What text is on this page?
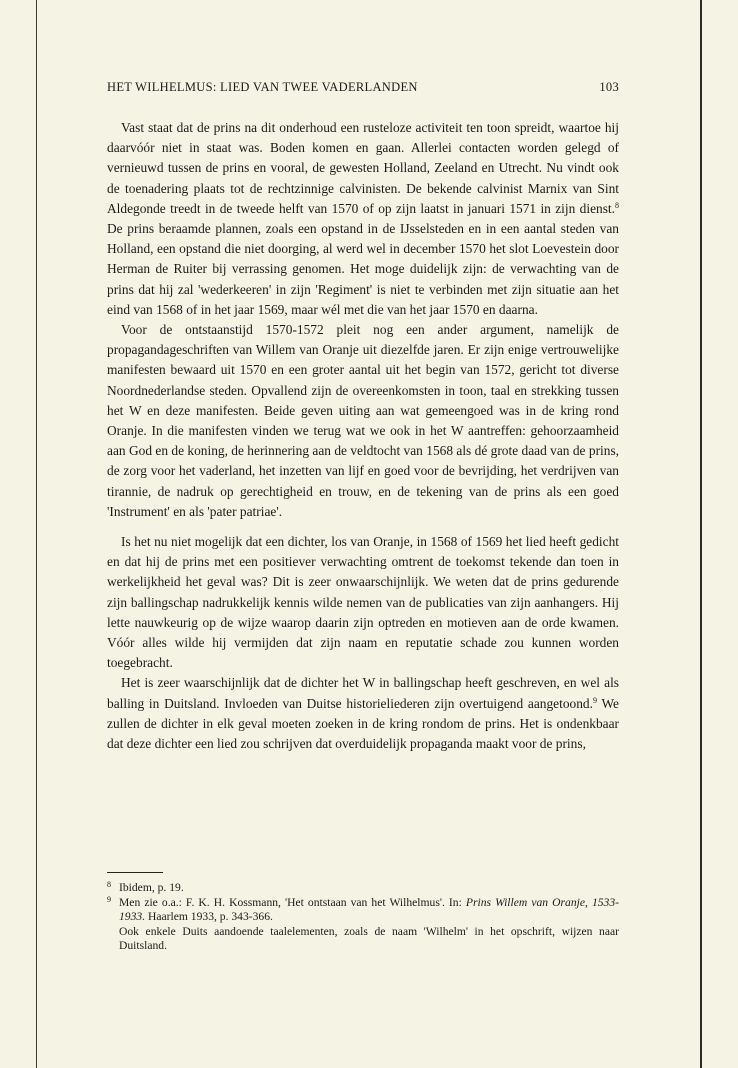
HET WILHELMUS: LIED VAN TWEE VADERLANDEN	103

Vast staat dat de prins na dit onderhoud een rusteloze activiteit ten toon spreidt, waartoe hij daarvóór niet in staat was. Boden komen en gaan. Allerlei contacten worden gelegd of vernieuwd tussen de prins en vooral, de gewesten Holland, Zeeland en Utrecht. Nu vindt ook de toenadering plaats tot de rechtzinnige calvinisten. De bekende calvinist Marnix van Sint Aldegonde treedt in de tweede helft van 1570 of op zijn laatst in januari 1571 in zijn dienst.$^8$ De prins beraamde plannen, zoals een opstand in de IJsselsteden en in een aantal steden van Holland, een opstand die niet doorging, al werd wel in december 1570 het slot Loevestein door Herman de Ruiter bij verrassing genomen. Het moge duidelijk zijn: de verwachting van de prins dat hij zal 'wederkeeren' in zijn 'Regiment' is niet te verbinden met zijn situatie aan het eind van 1568 of in het jaar 1569, maar wél met die van het jaar 1570 en daarna.

Voor de ontstaanstijd 1570-1572 pleit nog een ander argument, namelijk de propagandageschriften van Willem van Oranje uit diezelfde jaren. Er zijn enige vertrouwelijke manifesten bewaard uit 1570 en een groter aantal uit het begin van 1572, gericht tot diverse Noordnederlandse steden. Opvallend zijn de overeenkomsten in toon, taal en strekking tussen het W en deze manifesten. Beide geven uiting aan wat gemeengoed was in de kring rond Oranje. In die manifesten vinden we terug wat we ook in het W aantreffen: gehoorzaamheid aan God en de koning, de herinnering aan de veldtocht van 1568 als dé grote daad van de prins, de zorg voor het vaderland, het inzetten van lijf en goed voor de bevrijding, het verdrijven van tirannie, de nadruk op gerechtigheid en trouw, en de tekening van de prins als een goed 'Instrument' en als 'pater patriae'.

Is het nu niet mogelijk dat een dichter, los van Oranje, in 1568 of 1569 het lied heeft gedicht en dat hij de prins met een positiever verwachting omtrent de toekomst tekende dan toen in werkelijkheid het geval was? Dit is zeer onwaarschijnlijk. We weten dat de prins gedurende zijn ballingschap nadrukkelijk kennis wilde nemen van de publicaties van zijn aanhangers. Hij lette nauwkeurig op de wijze waarop daarin zijn optreden en motieven aan de orde kwamen. Vóór alles wilde hij vermijden dat zijn naam en reputatie schade zou kunnen worden toegebracht.

Het is zeer waarschijnlijk dat de dichter het W in ballingschap heeft geschreven, en wel als balling in Duitsland. Invloeden van Duitse historieliederen zijn overtuigend aangetoond.$^9$ We zullen de dichter in elk geval moeten zoeken in de kring rondom de prins. Het is ondenkbaar dat deze dichter een lied zou schrijven dat overduidelijk propaganda maakt voor de prins,

8 Ibidem, p. 19.
9 Men zie o.a.: F. K. H. Kossmann, 'Het ontstaan van het Wilhelmus'. In: Prins Willem van Oranje, 1533-1933. Haarlem 1933, p. 343-366.
Ook enkele Duits aandoende taalelementen, zoals de naam 'Wilhelm' in het opschrift, wijzen naar Duitsland.
